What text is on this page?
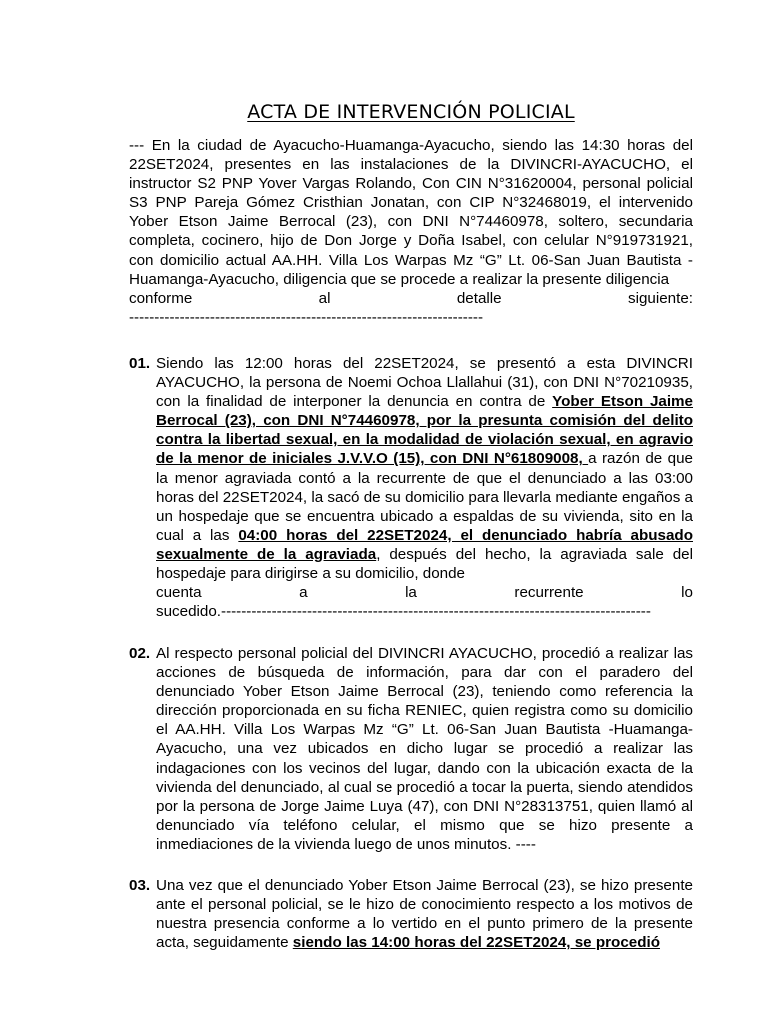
ACTA DE INTERVENCIÓN POLICIAL
--- En la ciudad de Ayacucho-Huamanga-Ayacucho, siendo las 14:30 horas del 22SET2024, presentes en las instalaciones de la DIVINCRI-AYACUCHO, el instructor S2 PNP Yover Vargas Rolando, Con CIN N°31620004, personal policial S3 PNP Pareja Gómez Cristhian Jonatan, con CIP N°32468019, el intervenido Yober Etson Jaime Berrocal (23), con DNI N°74460978, soltero, secundaria completa, cocinero, hijo de Don Jorge y Doña Isabel, con celular N°919731921, con domicilio actual AA.HH. Villa Los Warpas Mz “G” Lt. 06-San Juan Bautista - Huamanga-Ayacucho, diligencia que se procede a realizar la presente diligencia
conforme	al	detalle	siguiente:
----------------------------------------------------------------------
01. Siendo las 12:00 horas del 22SET2024, se presentó a esta DIVINCRI AYACUCHO, la persona de Noemi Ochoa Llallahui (31), con DNI N°70210935, con la finalidad de interponer la denuncia en contra de Yober Etson Jaime Berrocal (23), con DNI N°74460978, por la presunta comisión del delito contra la libertad sexual, en la modalidad de violación sexual, en agravio de la menor de iniciales J.V.V.O (15), con DNI N°61809008, a razón de que la menor agraviada contó a la recurrente de que el denunciado a las 03:00 horas del 22SET2024, la sacó de su domicilio para llevarla mediante engaños a un hospedaje que se encuentra ubicado a espaldas de su vivienda, sito en la cual a las 04:00 horas del 22SET2024, el denunciado habría abusado sexualmente de la agraviada, después del hecho, la agraviada sale del hospedaje para dirigirse a su domicilio, donde
cuenta	a	la	recurrente	lo
sucedido.-------------------------------------------------------------------------------------
02. Al respecto personal policial del DIVINCRI AYACUCHO, procedió a realizar las acciones de búsqueda de información, para dar con el paradero del denunciado Yober Etson Jaime Berrocal (23), teniendo como referencia la dirección proporcionada en su ficha RENIEC, quien registra como su domicilio el AA.HH. Villa Los Warpas Mz “G” Lt. 06-San Juan Bautista -Huamanga-Ayacucho, una vez ubicados en dicho lugar se procedió a realizar las indagaciones con los vecinos del lugar, dando con la ubicación exacta de la vivienda del denunciado, al cual se procedió a tocar la puerta, siendo atendidos por la persona de Jorge Jaime Luya (47), con DNI N°28313751, quien llamó al denunciado vía teléfono celular, el mismo que se hizo presente a inmediaciones de la vivienda luego de unos minutos. ----
03. Una vez que el denunciado Yober Etson Jaime Berrocal (23), se hizo presente ante el personal policial, se le hizo de conocimiento respecto a los motivos de nuestra presencia conforme a lo vertido en el punto primero de la presente acta, seguidamente siendo las 14:00 horas del 22SET2024, se procedió
